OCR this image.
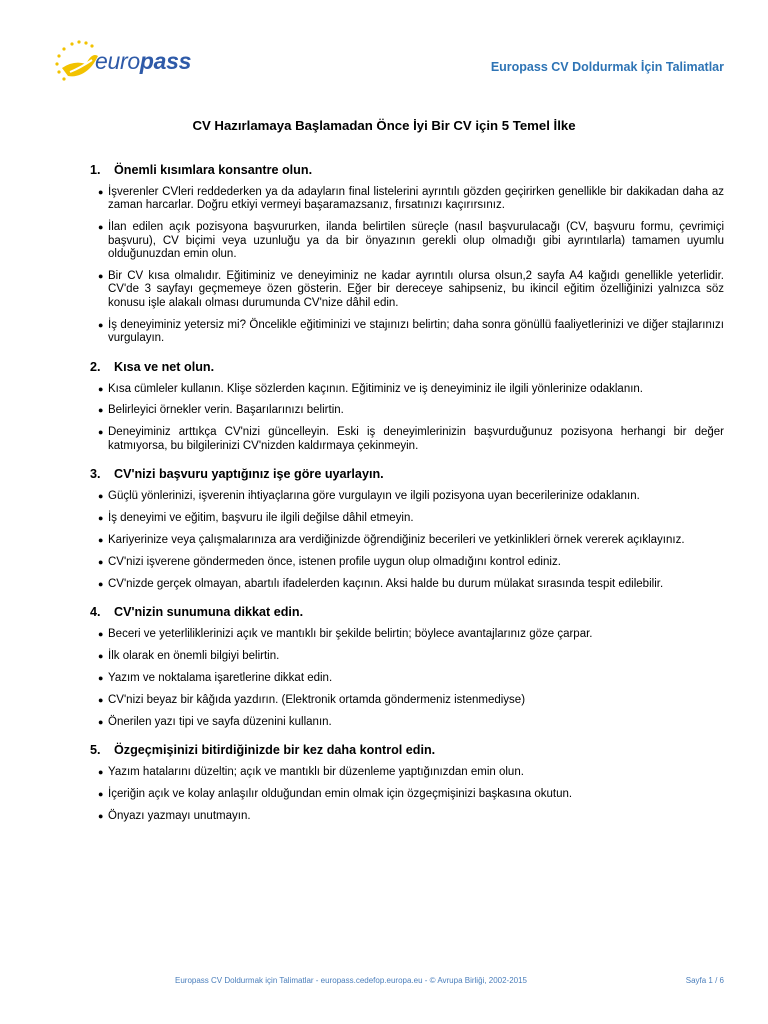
europass	Europass CV Doldurmak İçin Talimatlar
CV Hazırlamaya Başlamadan Önce İyi Bir CV için 5 Temel İlke
1.	Önemli kısımlara konsantre olun.
● İşverenler CVleri reddederken ya da adayların final listelerini ayrıntılı gözden geçirirken genellikle bir dakikadan daha az zaman harcarlar. Doğru etkiyi vermeyi başaramazsanız, fırsatınızı kaçırırsınız.
● İlan edilen açık pozisyona başvururken, ilanda belirtilen süreçle (nasıl başvurulacağı (CV, başvuru formu, çevrimiçi başvuru), CV biçimi veya uzunluğu ya da bir önyazının gerekli olup olmadığı gibi ayrıntılarla) tamamen uyumlu olduğunuzdan emin olun.
● Bir CV kısa olmalıdır. Eğitiminiz ve deneyiminiz ne kadar ayrıntılı olursa olsun,2 sayfa A4 kağıdı genellikle yeterlidir. CV'de 3 sayfayı geçmemeye özen gösterin. Eğer bir dereceye sahipseniz, bu ikincil eğitim özelliğinizi yalnızca söz konusu işle alakalı olması durumunda CV'nize dâhil edin.
● İş deneyiminiz yetersiz mi? Öncelikle eğitiminizi ve stajınızı belirtin; daha sonra gönüllü faaliyetlerinizi ve diğer stajlarınızı vurgulayın.
2.	Kısa ve net olun.
● Kısa cümleler kullanın. Klişe sözlerden kaçının. Eğitiminiz ve iş deneyiminiz ile ilgili yönlerinize odaklanın.
● Belirleyici örnekler verin. Başarılarınızı belirtin.
● Deneyiminiz arttıkça CV'nizi güncelleyin. Eski iş deneyimlerinizin başvurduğunuz pozisyona herhangi bir değer katmıyorsa, bu bilgilerinizi CV'nizden kaldırmaya çekinmeyin.
3.	CV'nizi başvuru yaptığınız işe göre uyarlayın.
● Güçlü yönlerinizi, işverenin ihtiyaçlarına göre vurgulayın ve ilgili pozisyona uyan becerilerinize odaklanın.
● İş deneyimi ve eğitim, başvuru ile ilgili değilse dâhil etmeyin.
● Kariyerinize veya çalışmalarınıza ara verdiğinizde öğrendiğiniz becerileri ve yetkinlikleri örnek vererek açıklayınız.
● CV'nizi işverene göndermeden önce, istenen profile uygun olup olmadığını kontrol ediniz.
● CV'nizde gerçek olmayan, abartılı ifadelerden kaçının. Aksi halde bu durum mülakat sırasında tespit edilebilir.
4.	CV'nizin sunumuna dikkat edin.
● Beceri ve yeterliliklerinizi açık ve mantıklı bir şekilde belirtin; böylece avantajlarınız göze çarpar.
● İlk olarak en önemli bilgiyi belirtin.
● Yazım ve noktalama işaretlerine dikkat edin.
● CV'nizi beyaz bir kâğıda yazdırın. (Elektronik ortamda göndermeniz istenmediyse)
● Önerilen yazı tipi ve sayfa düzenini kullanın.
5.	Özgeçmişinizi bitirdiğinizde bir kez daha kontrol edin.
● Yazım hatalarını düzeltin; açık ve mantıklı bir düzenleme yaptığınızdan emin olun.
● İçeriğin açık ve kolay anlaşılır olduğundan emin olmak için özgeçmişinizi başkasına okutun.
● Önyazı yazmayı unutmayın.
Europass CV Doldurmak için Talimatlar - europass.cedefop.europa.eu - © Avrupa Birliği, 2002-2015	Sayfa 1 / 6
